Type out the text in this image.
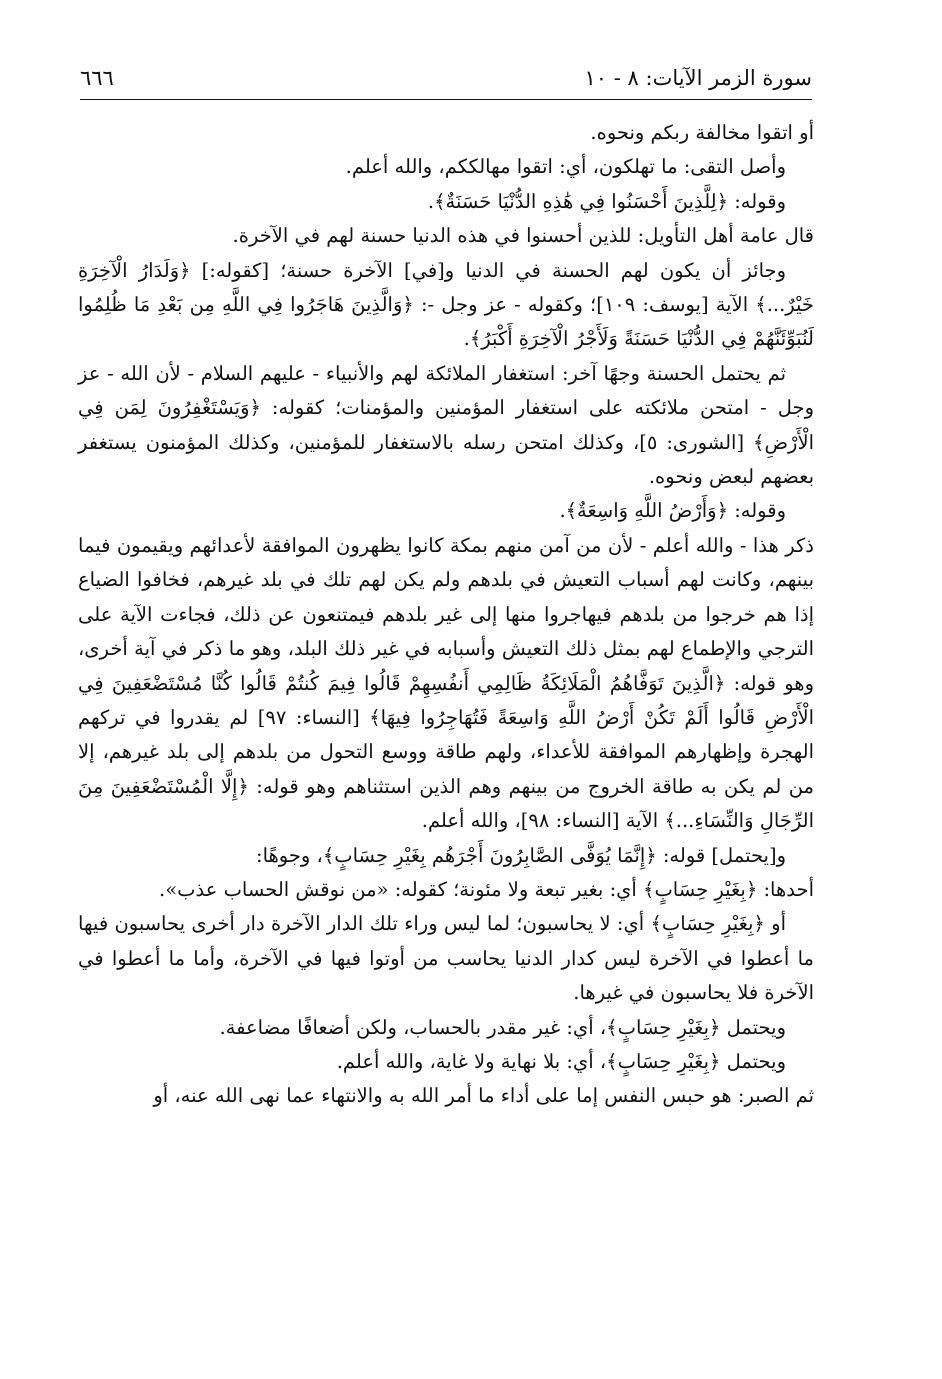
سورة الزمر الآيات: ٨ - ١٠
٦٦٦

أو اتقوا مخالفة ربكم ونحوه.

وأصل التقى: ما تهلكون، أي: اتقوا مهالككم، والله أعلم.

وقوله: ﴿لِلَّذِينَ أَحْسَنُوا فِي هَٰذِهِ الدُّنْيَا حَسَنَةٌ﴾.

قال عامة أهل التأويل: للذين أحسنوا في هذه الدنيا حسنة لهم في الآخرة.

وجائز أن يكون لهم الحسنة في الدنيا و[في] الآخرة حسنة؛ [كقوله:] ﴿وَلَدَارُ الْآخِرَةِ خَيْرٌ...﴾ الآية [يوسف: ١٠٩]؛ وكقوله - عز وجل -: ﴿وَالَّذِينَ هَاجَرُوا فِي اللَّهِ مِن بَعْدِ مَا ظُلِمُوا لَنُبَوِّئَنَّهُمْ فِي الدُّنْيَا حَسَنَةً وَلَأَجْرُ الْآخِرَةِ أَكْبَرُ﴾.

ثم يحتمل الحسنة وجهًا آخر: استغفار الملائكة لهم والأنبياء - عليهم السلام - لأن الله - عز وجل - امتحن ملائكته على استغفار المؤمنين والمؤمنات؛ كقوله: ﴿وَيَسْتَغْفِرُونَ لِمَن فِي الْأَرْضِ﴾ [الشورى: ٥]، وكذلك امتحن رسله بالاستغفار للمؤمنين، وكذلك المؤمنون يستغفر بعضهم لبعض ونحوه.

وقوله: ﴿وَأَرْضُ اللَّهِ وَاسِعَةٌ﴾.

ذكر هذا - والله أعلم - لأن من آمن منهم بمكة كانوا يظهرون الموافقة لأعدائهم ويقيمون فيما بينهم، وكانت لهم أسباب التعيش في بلدهم ولم يكن لهم تلك في بلد غيرهم، فخافوا الضياع إذا هم خرجوا من بلدهم فيهاجروا منها إلى غير بلدهم فيمتنعون عن ذلك، فجاءت الآية على الترجي والإطماع لهم بمثل ذلك التعيش وأسبابه في غير ذلك البلد، وهو ما ذكر في آية أخرى، وهو قوله: ﴿الَّذِينَ تَوَفَّاهُمُ الْمَلَائِكَةُ ظَالِمِي أَنفُسِهِمْ قَالُوا فِيمَ كُنتُمْ قَالُوا كُنَّا مُسْتَضْعَفِينَ فِي الْأَرْضِ قَالُوا أَلَمْ تَكُنْ أَرْضُ اللَّهِ وَاسِعَةً فَتُهَاجِرُوا فِيهَا﴾ [النساء: ٩٧] لم يقدروا في تركهم الهجرة وإظهارهم الموافقة للأعداء، ولهم طاقة ووسع التحول من بلدهم إلى بلد غيرهم، إلا من لم يكن به طاقة الخروج من بينهم وهم الذين استثناهم وهو قوله: ﴿إِلَّا الْمُسْتَضْعَفِينَ مِنَ الرِّجَالِ وَالنِّسَاءِ...﴾ الآية [النساء: ٩٨]، والله أعلم.

و[يحتمل] قوله: ﴿إِنَّمَا يُوَفَّى الصَّابِرُونَ أَجْرَهُم بِغَيْرِ حِسَابٍ﴾، وجوهًا:

أحدها: ﴿بِغَيْرِ حِسَابٍ﴾ أي: بغير تبعة ولا مئونة؛ كقوله: «من نوقش الحساب عذب».

أو ﴿بِغَيْرِ حِسَابٍ﴾ أي: لا يحاسبون؛ لما ليس وراء تلك الدار الآخرة دار أخرى يحاسبون فيها ما أعطوا في الآخرة ليس كدار الدنيا يحاسب من أوتوا فيها في الآخرة، وأما ما أعطوا في الآخرة فلا يحاسبون في غيرها.

ويحتمل ﴿بِغَيْرِ حِسَابٍ﴾، أي: غير مقدر بالحساب، ولكن أضعافًا مضاعفة.

ويحتمل ﴿بِغَيْرِ حِسَابٍ﴾، أي: بلا نهاية ولا غاية، والله أعلم.

ثم الصبر: هو حبس النفس إما على أداء ما أمر الله به والانتهاء عما نهى الله عنه، أو
